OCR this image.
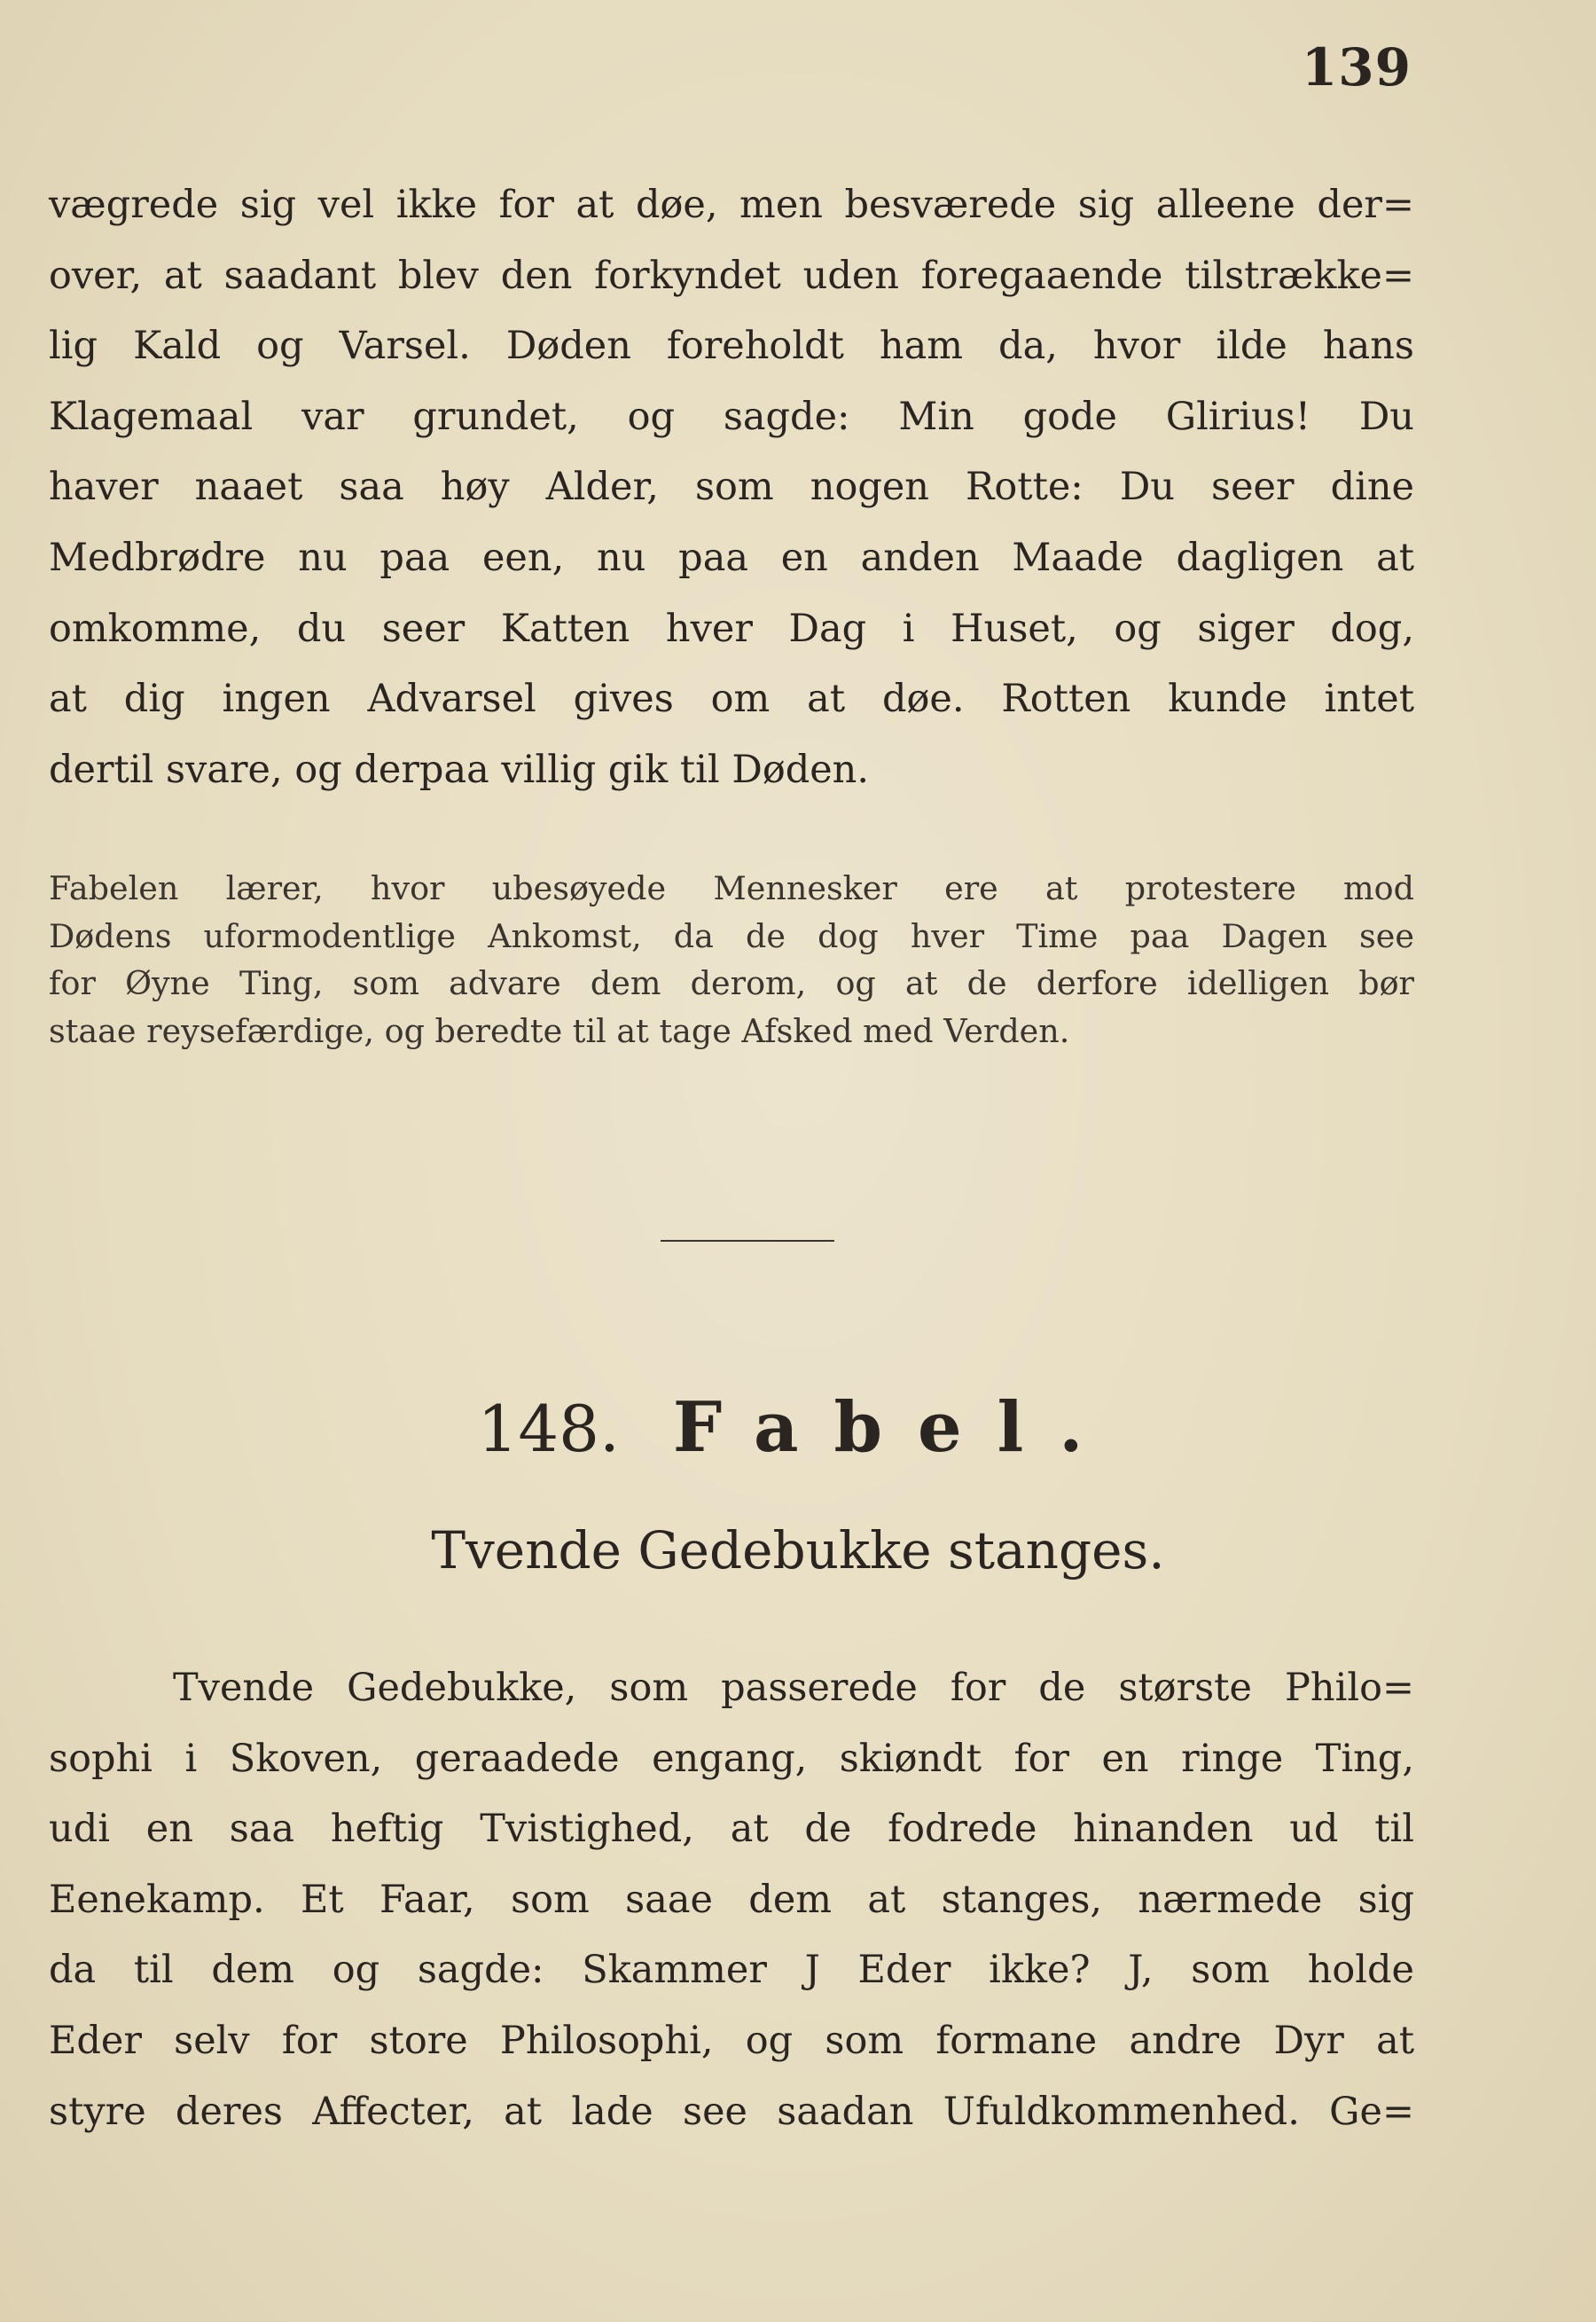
139

vægrede sig vel ikke for at døe, men besværede sig alleene der=
over, at saadant blev den forkyndet uden foregaaende tilstrække=
lig Kald og Varsel. Døden foreholdt ham da, hvor ilde hans
Klagemaal var grundet, og sagde: Min gode Glirius! Du
haver naaet saa høy Alder, som nogen Rotte: Du seer dine
Medbrødre nu paa een, nu paa en anden Maade dagligen at
omkomme, du seer Katten hver Dag i Huset, og siger dog,
at dig ingen Advarsel gives om at døe. Rotten kunde intet
dertil svare, og derpaa villig gik til Døden.

Fabelen lærer, hvor ubesøyede Mennesker ere at protestere mod
Dødens uformodentlige Ankomst, da de dog hver Time paa Dagen see
for Øyne Ting, som advare dem derom, og at de derfore idelligen bør
staae reysefærdige, og beredte til at tage Afsked med Verden.

148. Fabel.
Tvende Gedebukke stanges.

Tvende Gedebukke, som passerede for de største Philo=
sophi i Skoven, geraadede engang, skiøndt for en ringe Ting,
udi en saa heftig Tvistighed, at de fodrede hinanden ud til
Eenekamp. Et Faar, som saae dem at stanges, nærmede sig
da til dem og sagde: Skammer J Eder ikke? J, som holde
Eder selv for store Philosophi, og som formane andre Dyr at
styre deres Affecter, at lade see saadan Ufuldkommenhed. Ge=
